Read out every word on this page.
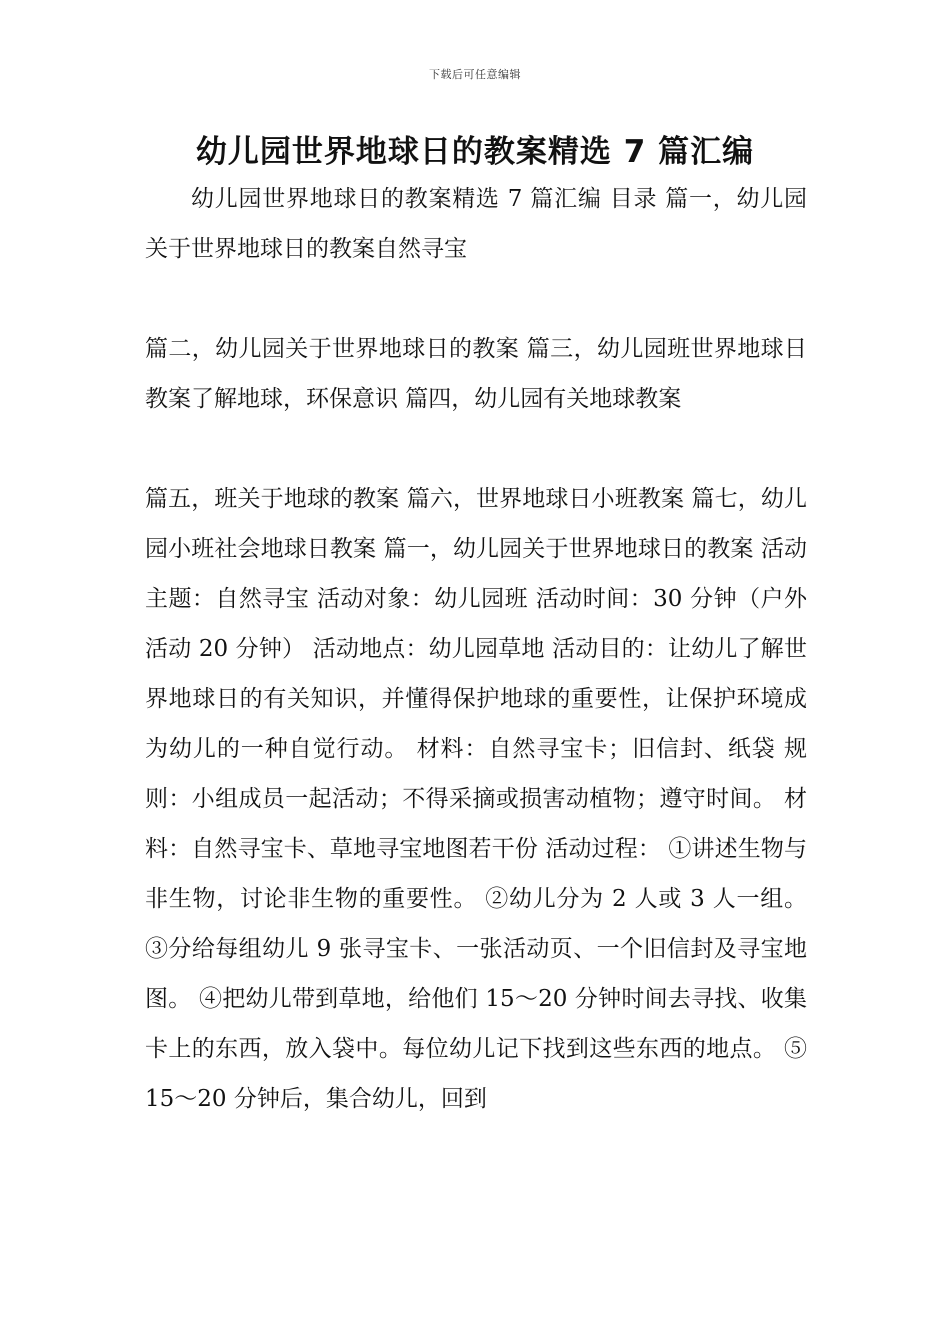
下载后可任意编辑
幼儿园世界地球日的教案精选 7 篇汇编

幼儿园世界地球日的教案精选 7 篇汇编 目录 篇一，幼儿园关于世界地球日的教案自然寻宝

篇二，幼儿园关于世界地球日的教案 篇三，幼儿园班世界地球日教案了解地球，环保意识 篇四，幼儿园有关地球教案

篇五，班关于地球的教案 篇六，世界地球日小班教案 篇七，幼儿园小班社会地球日教案 篇一，幼儿园关于世界地球日的教案 活动主题：自然寻宝 活动对象：幼儿园班 活动时间：30 分钟（户外活动 20 分钟） 活动地点：幼儿园草地 活动目的：让幼儿了解世界地球日的有关知识，并懂得保护地球的重要性，让保护环境成为幼儿的一种自觉行动。 材料：自然寻宝卡；旧信封、纸袋 规则：小组成员一起活动；不得采摘或损害动植物；遵守时间。 材料：自然寻宝卡、草地寻宝地图若干份 活动过程： ①讲述生物与非生物，讨论非生物的重要性。 ②幼儿分为 2 人或 3 人一组。 ③分给每组幼儿 9 张寻宝卡、一张活动页、一个旧信封及寻宝地图。 ④把幼儿带到草地，给他们 15～20 分钟时间去寻找、收集卡上的东西，放入袋中。每位幼儿记下找到这些东西的地点。 ⑤ 15～20 分钟后，集合幼儿，回到
